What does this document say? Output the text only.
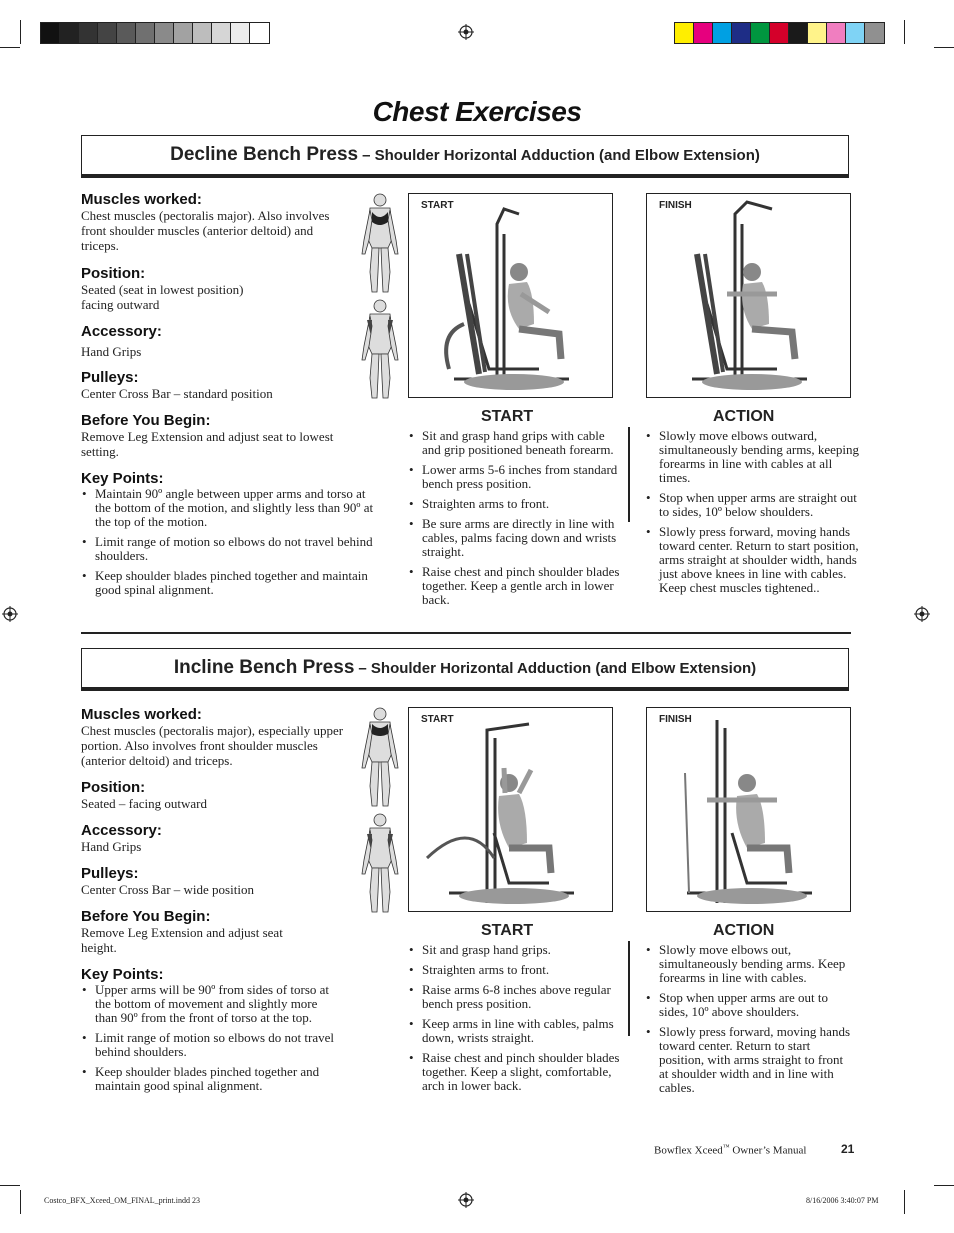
Chest Exercises
Decline Bench Press – Shoulder Horizontal Adduction (and Elbow Extension)
Muscles worked:

Chest muscles (pectoralis major). Also involves front shoulder muscles (anterior deltoid) and triceps.

Position:

Seated (seat in lowest position) facing outward

Accessory:

Hand Grips

Pulleys:

Center Cross Bar – standard position

Before You Begin:

Remove Leg Extension and adjust seat to lowest setting.

Key Points:
• Maintain 90º angle between upper arms and torso at the bottom of the motion, and slightly less than 90º at the top of the motion.
• Limit range of motion so elbows do not travel behind shoulders.
• Keep shoulder blades pinched together and maintain good spinal alignment.
START	FINISH
START	ACTION
• Sit and grasp hand grips with cable and grip positioned beneath forearm.
• Lower arms 5-6 inches from standard bench press position.
• Straighten arms to front.
• Be sure arms are directly in line with cables, palms facing down and wrists straight.
• Raise chest and pinch shoulder blades together. Keep a gentle arch in lower back.
• Slowly move elbows outward, simultaneously bending arms, keeping forearms in line with cables at all times.
• Stop when upper arms are straight out to sides, 10º below shoulders.
• Slowly press forward, moving hands toward center. Return to start position, arms straight at shoulder width, hands just above knees in line with cables. Keep chest muscles tightened..
Incline Bench Press – Shoulder Horizontal Adduction (and Elbow Extension)
Muscles worked:

Chest muscles (pectoralis major), especially upper portion. Also involves front shoulder muscles (anterior deltoid) and triceps.

Position:

Seated – facing outward

Accessory:

Hand Grips

Pulleys:

Center Cross Bar – wide position

Before You Begin:

Remove Leg Extension and adjust seat height.

Key Points:
• Upper arms will be 90º from sides of torso at the bottom of movement and slightly more than 90º from the front of torso at the top.
• Limit range of motion so elbows do not travel behind shoulders.
• Keep shoulder blades pinched together and maintain good spinal alignment.
START	FINISH
START	ACTION
• Sit and grasp hand grips.
• Straighten arms to front.
• Raise arms 6-8 inches above regular bench press position.
• Keep arms in line with cables, palms down, wrists straight.
• Raise chest and pinch shoulder blades together. Keep a slight, comfortable, arch in lower back.
• Slowly move elbows out, simultaneously bending arms. Keep forearms in line with cables.
• Stop when upper arms are out to sides, 10º above shoulders.
• Slowly press forward, moving hands toward center. Return to start position, with arms straight to front at shoulder width and in line with cables.
Bowflex Xceed™ Owner’s Manual	21
Costco_BFX_Xceed_OM_FINAL_print.indd 23	8/16/2006 3:40:07 PM
